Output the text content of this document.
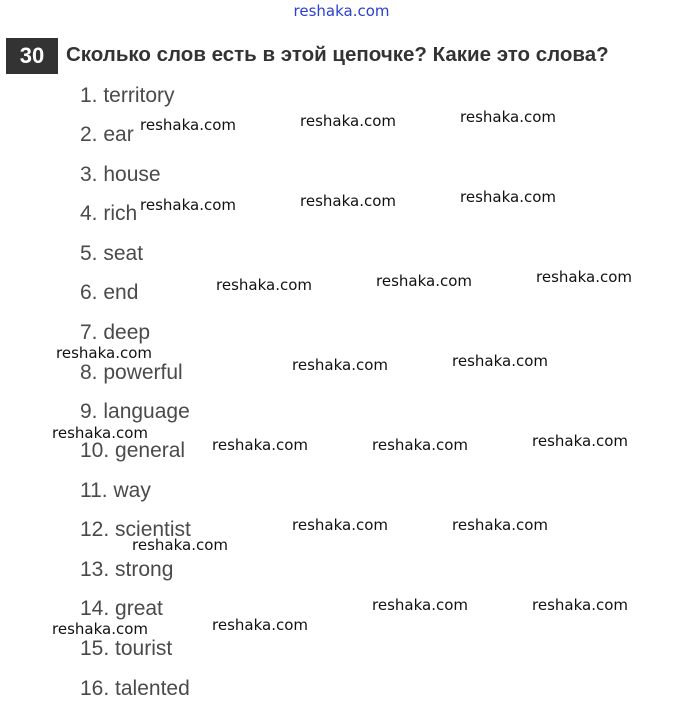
reshaka.com
30	Сколько слов есть в этой цепочке? Какие это слова?
1. territory
2. ear
3. house
4. rich
5. seat
6. end
7. deep
8. powerful
9. language
10. general
11. way
12. scientist
13. strong
14. great
15. tourist
16. talented
reshaka.com	reshaka.com	reshaka.com
reshaka.com	reshaka.com	reshaka.com
reshaka.com	reshaka.com	reshaka.com
reshaka.com
reshaka.com	reshaka.com
reshaka.com
reshaka.com	reshaka.com	reshaka.com
reshaka.com	reshaka.com
reshaka.com
reshaka.com	reshaka.com
reshaka.com	reshaka.com
